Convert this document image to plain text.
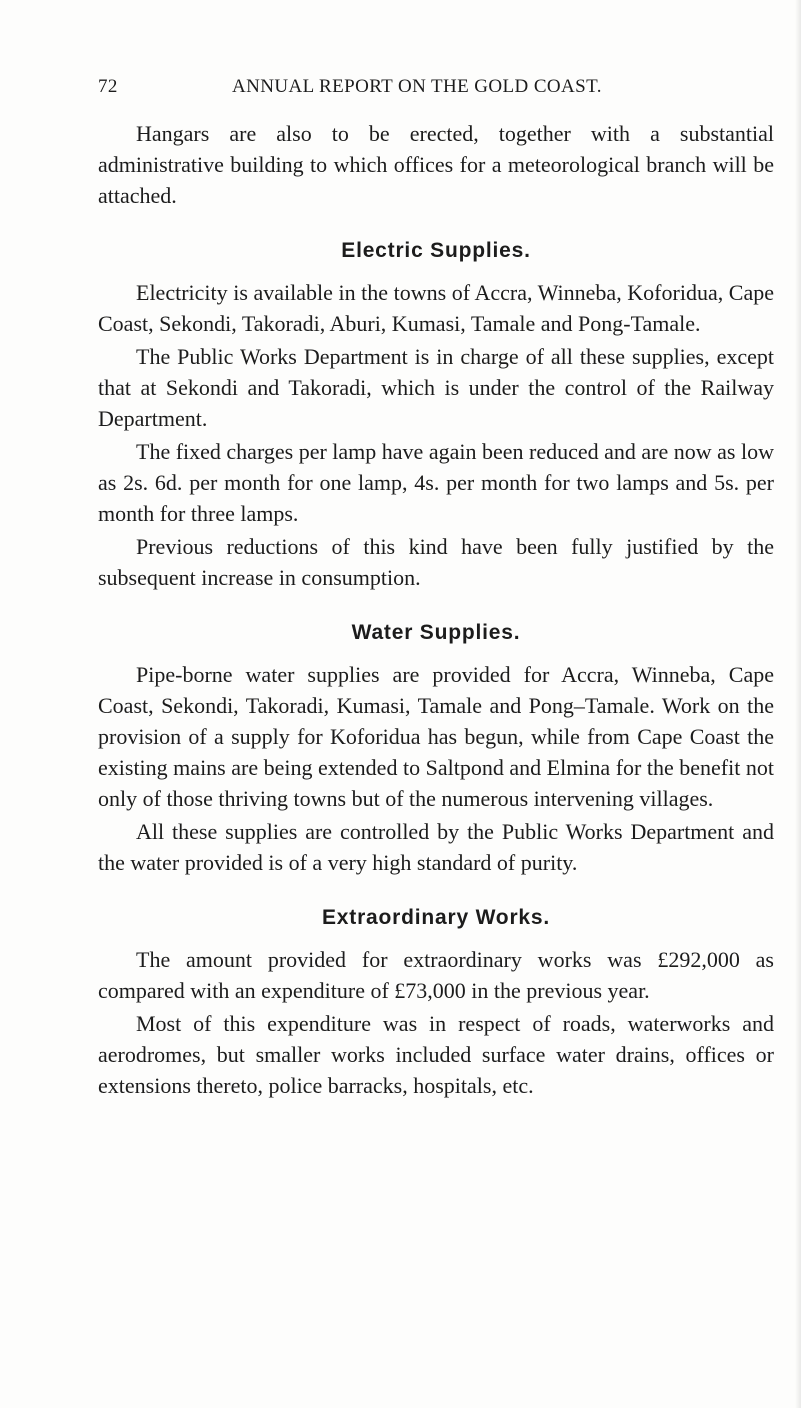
72	ANNUAL REPORT ON THE GOLD COAST.

Hangars are also to be erected, together with a substantial administrative building to which offices for a meteorological branch will be attached.

Electric Supplies.

Electricity is available in the towns of Accra, Winneba, Koforidua, Cape Coast, Sekondi, Takoradi, Aburi, Kumasi, Tamale and Pong-Tamale.

The Public Works Department is in charge of all these supplies, except that at Sekondi and Takoradi, which is under the control of the Railway Department.

The fixed charges per lamp have again been reduced and are now as low as 2s. 6d. per month for one lamp, 4s. per month for two lamps and 5s. per month for three lamps.

Previous reductions of this kind have been fully justified by the subsequent increase in consumption.

Water Supplies.

Pipe-borne water supplies are provided for Accra, Winneba, Cape Coast, Sekondi, Takoradi, Kumasi, Tamale and Pong–Tamale. Work on the provision of a supply for Koforidua has begun, while from Cape Coast the existing mains are being extended to Saltpond and Elmina for the benefit not only of those thriving towns but of the numerous intervening villages.

All these supplies are controlled by the Public Works Department and the water provided is of a very high standard of purity.

Extraordinary Works.

The amount provided for extraordinary works was £292,000 as compared with an expenditure of £73,000 in the previous year.

Most of this expenditure was in respect of roads, waterworks and aerodromes, but smaller works included surface water drains, offices or extensions thereto, police barracks, hospitals, etc.
